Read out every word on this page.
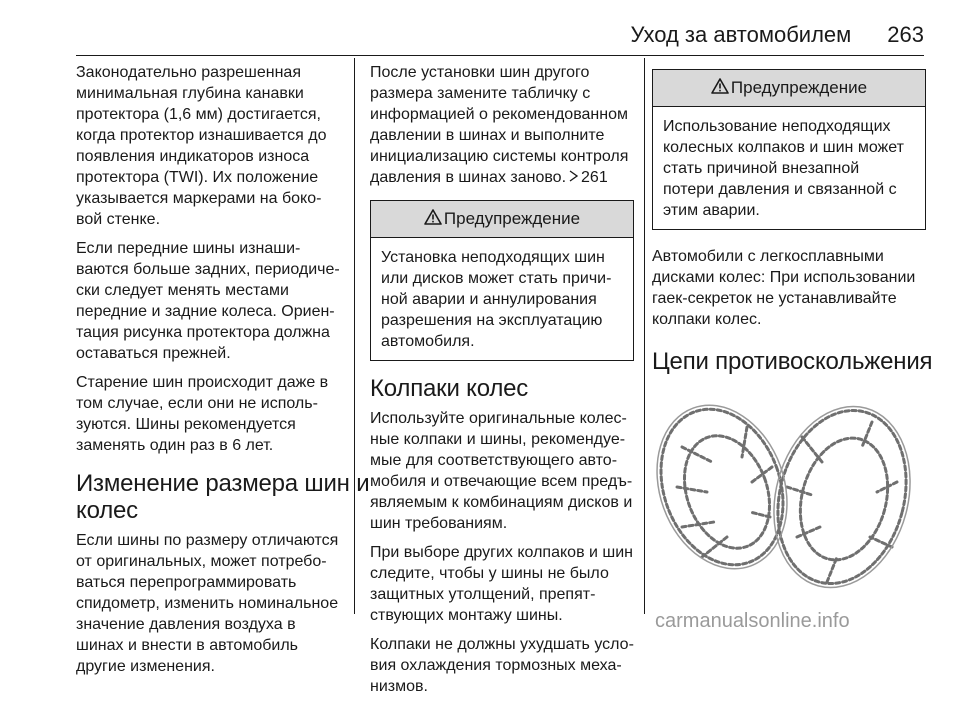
Уход за автомобилем 263

Законодательно разрешенная
минимальная глубина канавки
протектора (1,6 мм) достигается,
когда протектор изнашивается до
появления индикаторов износа
протектора (TWI). Их положение
указывается маркерами на боко-
вой стенке.

Если передние шины изнаши-
ваются больше задних, периодиче-
ски следует менять местами
передние и задние колеса. Ориен-
тация рисунка протектора должна
оставаться прежней.

Старение шин происходит даже в
том случае, если они не исполь-
зуются. Шины рекомендуется
заменять один раз в 6 лет.

Изменение размера шин и
колес

Если шины по размеру отличаются
от оригинальных, может потребо-
ваться перепрограммировать
спидометр, изменить номинальное
значение давления воздуха в
шинах и внести в автомобиль
другие изменения.

После установки шин другого
размера замените табличку с
информацией о рекомендованном
давлении в шинах и выполните
инициализацию системы контроля
давления в шинах заново. 261

Предупреждение
Установка неподходящих шин
или дисков может стать причи-
ной аварии и аннулирования
разрешения на эксплуатацию
автомобиля.
Колпаки колес

Используйте оригинальные колес-
ные колпаки и шины, рекомендуе-
мые для соответствующего авто-
мобиля и отвечающие всем предъ-
являемым к комбинациям дисков и
шин требованиям.

При выборе других колпаков и шин
следите, чтобы у шины не было
защитных утолщений, препят-
ствующих монтажу шины.

Колпаки не должны ухудшать усло-
вия охлаждения тормозных меха-
низмов.

Предупреждение
Использование неподходящих
колесных колпаков и шин может
стать причиной внезапной
потери давления и связанной с
этим аварии.

Автомобили с легкосплавными
дисками колес: При использовании
гаек-секреток не устанавливайте
колпаки колес.

Цепи противоскольжения
carmanualsonline.info
